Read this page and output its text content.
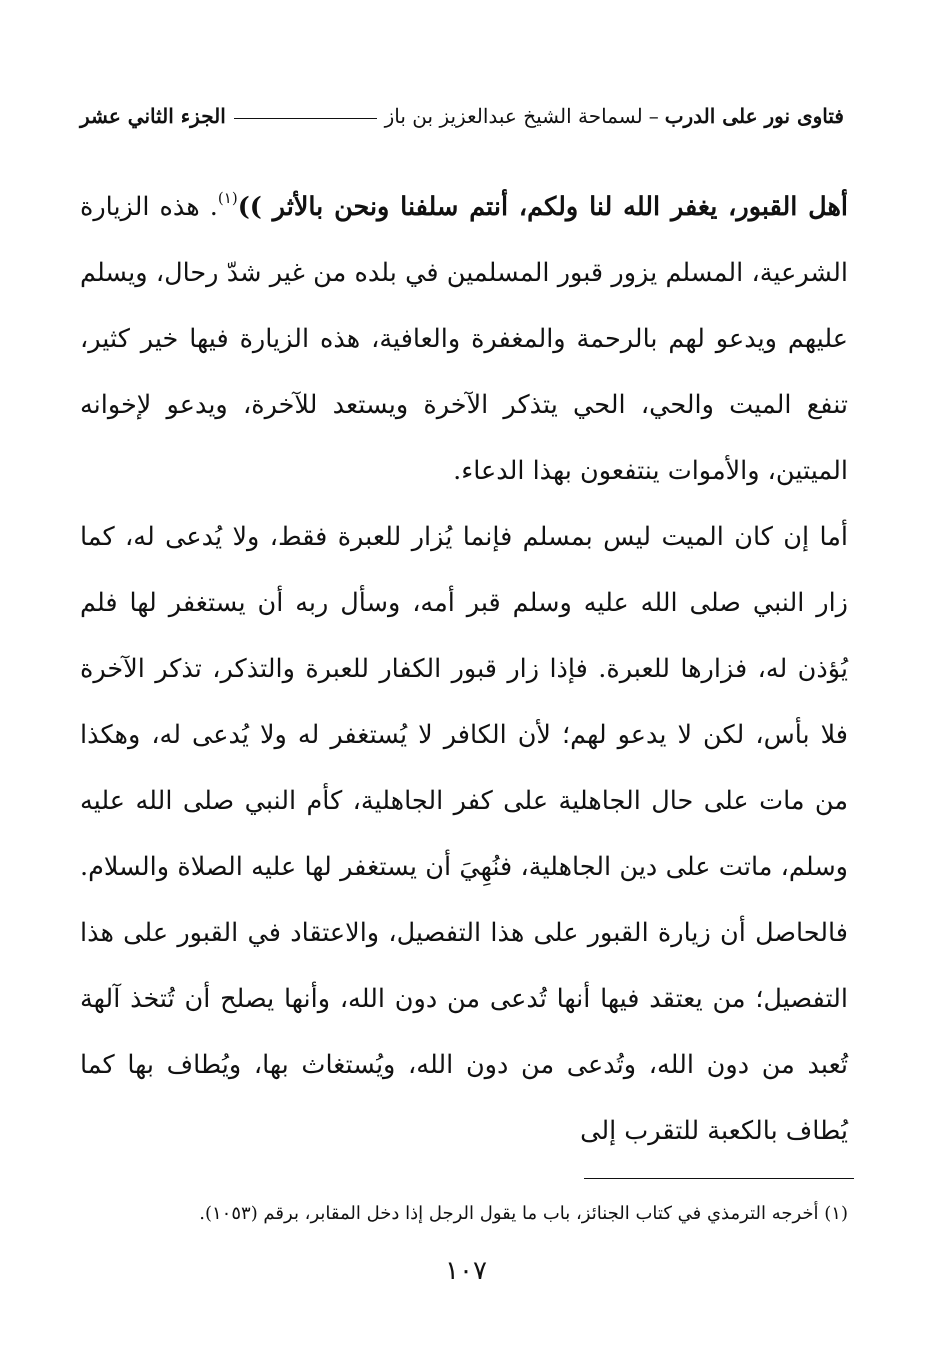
فتاوى نور على الدرب
–
لسماحة الشيخ عبدالعزيز بن باز
الجزء الثاني عشر

أهل القبور، يغفر الله لنا ولكم، أنتم سلفنا ونحن بالأثر ))$^{(١)}$. هذه الزيارة الشرعية، المسلم يزور قبور المسلمين في بلده من غير شدّ رحال، ويسلم عليهم ويدعو لهم بالرحمة والمغفرة والعافية، هذه الزيارة فيها خير كثير، تنفع الميت والحي، الحي يتذكر الآخرة ويستعد للآخرة، ويدعو لإخوانه الميتين، والأموات ينتفعون بهذا الدعاء.

أما إن كان الميت ليس بمسلم فإنما يُزار للعبرة فقط، ولا يُدعى له، كما زار النبي صلى الله عليه وسلم قبر أمه، وسأل ربه أن يستغفر لها فلم يُؤذن له، فزارها للعبرة. فإذا زار قبور الكفار للعبرة والتذكر، تذكر الآخرة فلا بأس، لكن لا يدعو لهم؛ لأن الكافر لا يُستغفر له ولا يُدعى له، وهكذا من مات على حال الجاهلية على كفر الجاهلية، كأم النبي صلى الله عليه وسلم، ماتت على دين الجاهلية، فنُهِيَ أن يستغفر لها عليه الصلاة والسلام. فالحاصل أن زيارة القبور على هذا التفصيل، والاعتقاد في القبور على هذا التفصيل؛ من يعتقد فيها أنها تُدعى من دون الله، وأنها يصلح أن تُتخذ آلهة تُعبد من دون الله، وتُدعى من دون الله، ويُستغاث بها، ويُطاف بها كما يُطاف بالكعبة للتقرب إلى

(١) أخرجه الترمذي في كتاب الجنائز، باب ما يقول الرجل إذا دخل المقابر، برقم (١٠٥٣).
١٠٧
